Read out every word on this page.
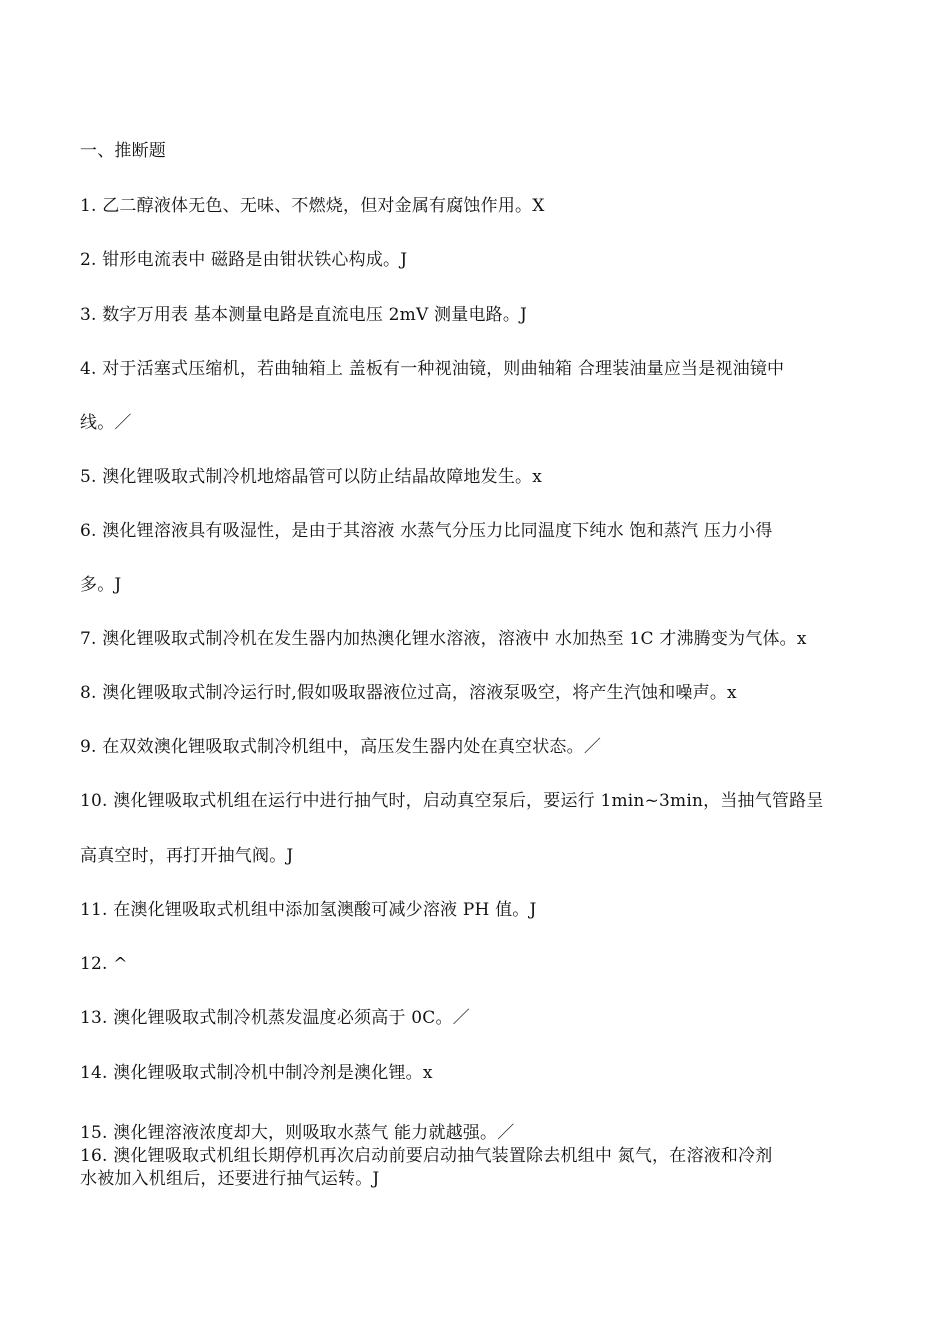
一、推断题
1. 乙二醇液体无色、无味、不燃烧，但对金属有腐蚀作用。X
2. 钳形电流表中 磁路是由钳状铁心构成。J
3. 数字万用表 基本测量电路是直流电压 2mV 测量电路。J
4. 对于活塞式压缩机，若曲轴箱上 盖板有一种视油镜，则曲轴箱 合理装油量应当是视油镜中
线。／
5. 澳化锂吸取式制冷机地熔晶管可以防止结晶故障地发生。x
6. 澳化锂溶液具有吸湿性，是由于其溶液 水蒸气分压力比同温度下纯水 饱和蒸汽 压力小得
多。J
7. 澳化锂吸取式制冷机在发生器内加热澳化锂水溶液，溶液中 水加热至 1C 才沸腾变为气体。x
8. 澳化锂吸取式制冷运行时,假如吸取器液位过高，溶液泵吸空，将产生汽蚀和噪声。x
9. 在双效澳化锂吸取式制冷机组中，高压发生器内处在真空状态。／
10. 澳化锂吸取式机组在运行中进行抽气时，启动真空泵后，要运行 1min~3min，当抽气管路呈
高真空时，再打开抽气阀。J
11. 在澳化锂吸取式机组中添加氢澳酸可减少溶液 PH 值。J
12. ^
13. 澳化锂吸取式制冷机蒸发温度必须高于 0C。／
14. 澳化锂吸取式制冷机中制冷剂是澳化锂。x
15. 澳化锂溶液浓度却大，则吸取水蒸气 能力就越强。／
16. 澳化锂吸取式机组长期停机再次启动前要启动抽气装置除去机组中 氮气，在溶液和冷剂
水被加入机组后，还要进行抽气运转。J
